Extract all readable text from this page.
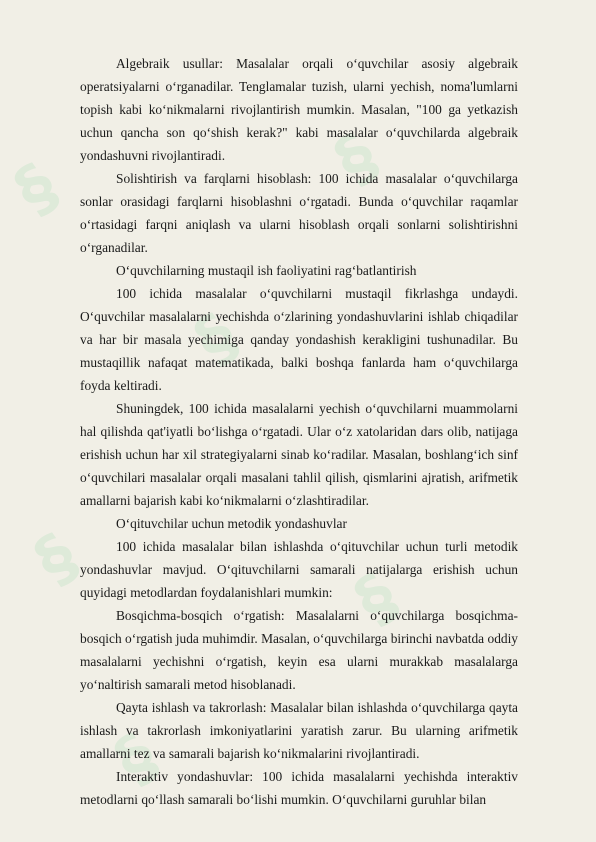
§
§
§	§
§
§

Algebraik usullar: Masalalar orqali o‘quvchilar asosiy algebraik operatsiyalarni o‘rganadilar. Tenglamalar tuzish, ularni yechish, noma'lumlarni topish kabi ko‘nikmalarni rivojlantirish mumkin. Masalan, "100 ga yetkazish uchun qancha son qo‘shish kerak?" kabi masalalar o‘quvchilarda algebraik yondashuvni rivojlantiradi.

Solishtirish va farqlarni hisoblash: 100 ichida masalalar o‘quvchilarga sonlar orasidagi farqlarni hisoblashni o‘rgatadi. Bunda o‘quvchilar raqamlar o‘rtasidagi farqni aniqlash va ularni hisoblash orqali sonlarni solishtirishni o‘rganadilar.

O‘quvchilarning mustaqil ish faoliyatini rag‘batlantirish

100 ichida masalalar o‘quvchilarni mustaqil fikrlashga undaydi. O‘quvchilar masalalarni yechishda o‘zlarining yondashuvlarini ishlab chiqadilar va har bir masala yechimiga qanday yondashish kerakligini tushunadilar. Bu mustaqillik nafaqat matematikada, balki boshqa fanlarda ham o‘quvchilarga foyda keltiradi.

Shuningdek, 100 ichida masalalarni yechish o‘quvchilarni muammolarni hal qilishda qat'iyatli bo‘lishga o‘rgatadi. Ular o‘z xatolaridan dars olib, natijaga erishish uchun har xil strategiyalarni sinab ko‘radilar. Masalan, boshlang‘ich sinf o‘quvchilari masalalar orqali masalani tahlil qilish, qismlarini ajratish, arifmetik amallarni bajarish kabi ko‘nikmalarni o‘zlashtiradilar.

O‘qituvchilar uchun metodik yondashuvlar

100 ichida masalalar bilan ishlashda o‘qituvchilar uchun turli metodik yondashuvlar mavjud. O‘qituvchilarni samarali natijalarga erishish uchun quyidagi metodlardan foydalanishlari mumkin:

Bosqichma-bosqich o‘rgatish: Masalalarni o‘quvchilarga bosqichma-bosqich o‘rgatish juda muhimdir. Masalan, o‘quvchilarga birinchi navbatda oddiy masalalarni yechishni o‘rgatish, keyin esa ularni murakkab masalalarga yo‘naltirish samarali metod hisoblanadi.

Qayta ishlash va takrorlash: Masalalar bilan ishlashda o‘quvchilarga qayta ishlash va takrorlash imkoniyatlarini yaratish zarur. Bu ularning arifmetik amallarni tez va samarali bajarish ko‘nikmalarini rivojlantiradi.

Interaktiv yondashuvlar: 100 ichida masalalarni yechishda interaktiv metodlarni qo‘llash samarali bo‘lishi mumkin. O‘quvchilarni guruhlar bilan
